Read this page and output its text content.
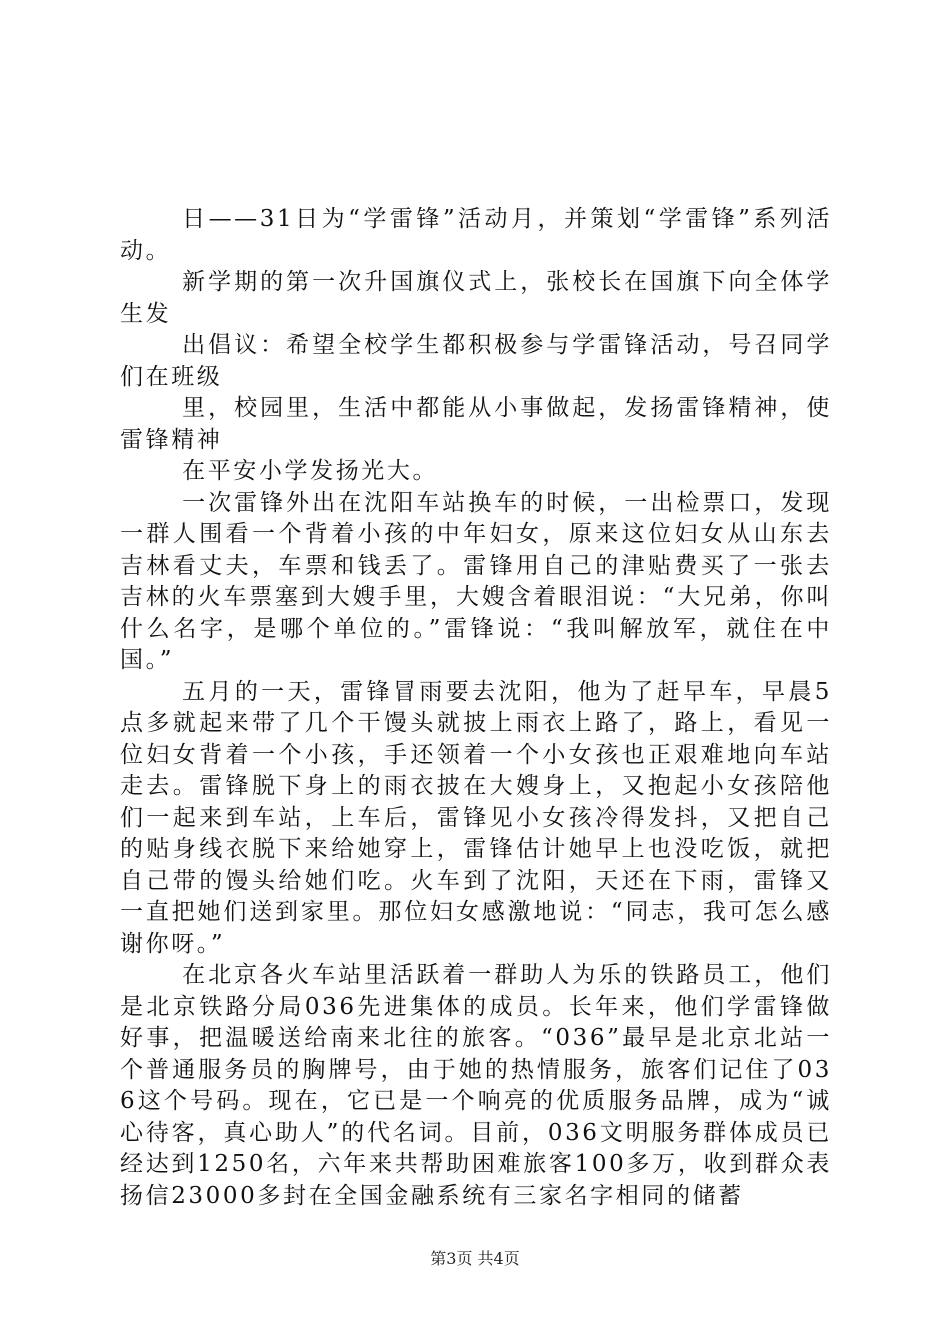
日——31日为“学雷锋”活动月，并策划“学雷锋”系列活动。

新学期的第一次升国旗仪式上，张校长在国旗下向全体学生发

出倡议：希望全校学生都积极参与学雷锋活动，号召同学们在班级

里，校园里，生活中都能从小事做起，发扬雷锋精神，使雷锋精神

在平安小学发扬光大。

一次雷锋外出在沈阳车站换车的时候，一出检票口，发现一群人围看一个背着小孩的中年妇女，原来这位妇女从山东去吉林看丈夫，车票和钱丢了。雷锋用自己的津贴费买了一张去吉林的火车票塞到大嫂手里，大嫂含着眼泪说：“大兄弟，你叫什么名字，是哪个单位的。”雷锋说：“我叫解放军，就住在中国。”

五月的一天，雷锋冒雨要去沈阳，他为了赶早车，早晨5点多就起来带了几个干馒头就披上雨衣上路了，路上，看见一位妇女背着一个小孩，手还领着一个小女孩也正艰难地向车站走去。雷锋脱下身上的雨衣披在大嫂身上，又抱起小女孩陪他们一起来到车站，上车后，雷锋见小女孩冷得发抖，又把自己的贴身线衣脱下来给她穿上，雷锋估计她早上也没吃饭，就把自己带的馒头给她们吃。火车到了沈阳，天还在下雨，雷锋又一直把她们送到家里。那位妇女感激地说：“同志，我可怎么感谢你呀。”

在北京各火车站里活跃着一群助人为乐的铁路员工，他们是北京铁路分局036先进集体的成员。长年来，他们学雷锋做好事，把温暖送给南来北往的旅客。“036”最早是北京北站一个普通服务员的胸牌号，由于她的热情服务，旅客们记住了036这个号码。现在，它已是一个响亮的优质服务品牌，成为“诚心待客，真心助人”的代名词。目前，036文明服务群体成员已经达到1250名，六年来共帮助困难旅客100多万，收到群众表扬信23000多封在全国金融系统有三家名字相同的储蓄

第3页 共4页
